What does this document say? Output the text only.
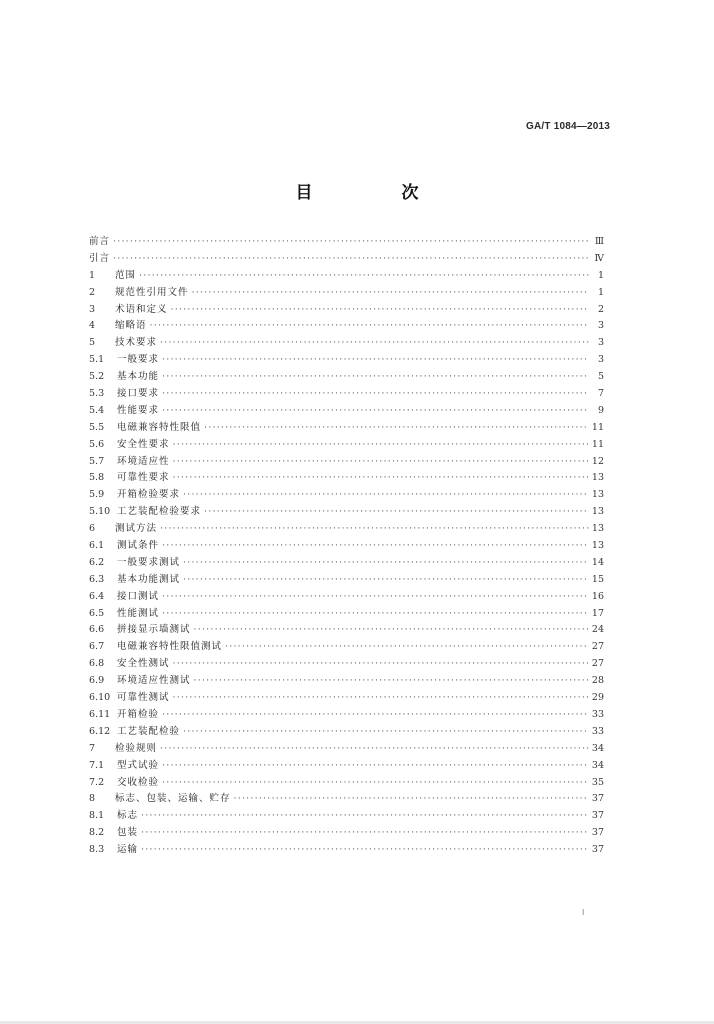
GA/T 1084—2013
目　次
前言 ·····	Ⅲ
引言 ·····	Ⅳ
1	范围 ·····	1
2	规范性引用文件 ·····	1
3	术语和定义 ·····	2
4	缩略语 ·····	3
5	技术要求 ·····	3
5.1	一般要求 ·····	3
5.2	基本功能 ·····	5
5.3	接口要求 ·····	7
5.4	性能要求 ·····	9
5.5	电磁兼容特性限值 ·····	11
5.6	安全性要求 ·····	11
5.7	环境适应性 ·····	12
5.8	可靠性要求 ·····	13
5.9	开箱检验要求 ·····	13
5.10 工艺装配检验要求 ·····	13
6	测试方法 ·····	13
6.1	测试条件 ·····	13
6.2	一般要求测试 ·····	14
6.3	基本功能测试 ·····	15
6.4	接口测试 ·····	16
6.5	性能测试 ·····	17
6.6	拼接显示墙测试 ·····	24
6.7	电磁兼容特性限值测试 ·····	27
6.8	安全性测试 ·····	27
6.9	环境适应性测试 ·····	28
6.10 可靠性测试 ·····	29
6.11 开箱检验 ·····	33
6.12 工艺装配检验 ·····	33
7	检验规则 ·····	34
7.1	型式试验 ·····	34
7.2	交收检验 ·····	35
8	标志、包装、运输、贮存 ·····	37
8.1	标志 ·····	37
8.2	包装 ·····	37
8.3	运输 ·····	37
I
